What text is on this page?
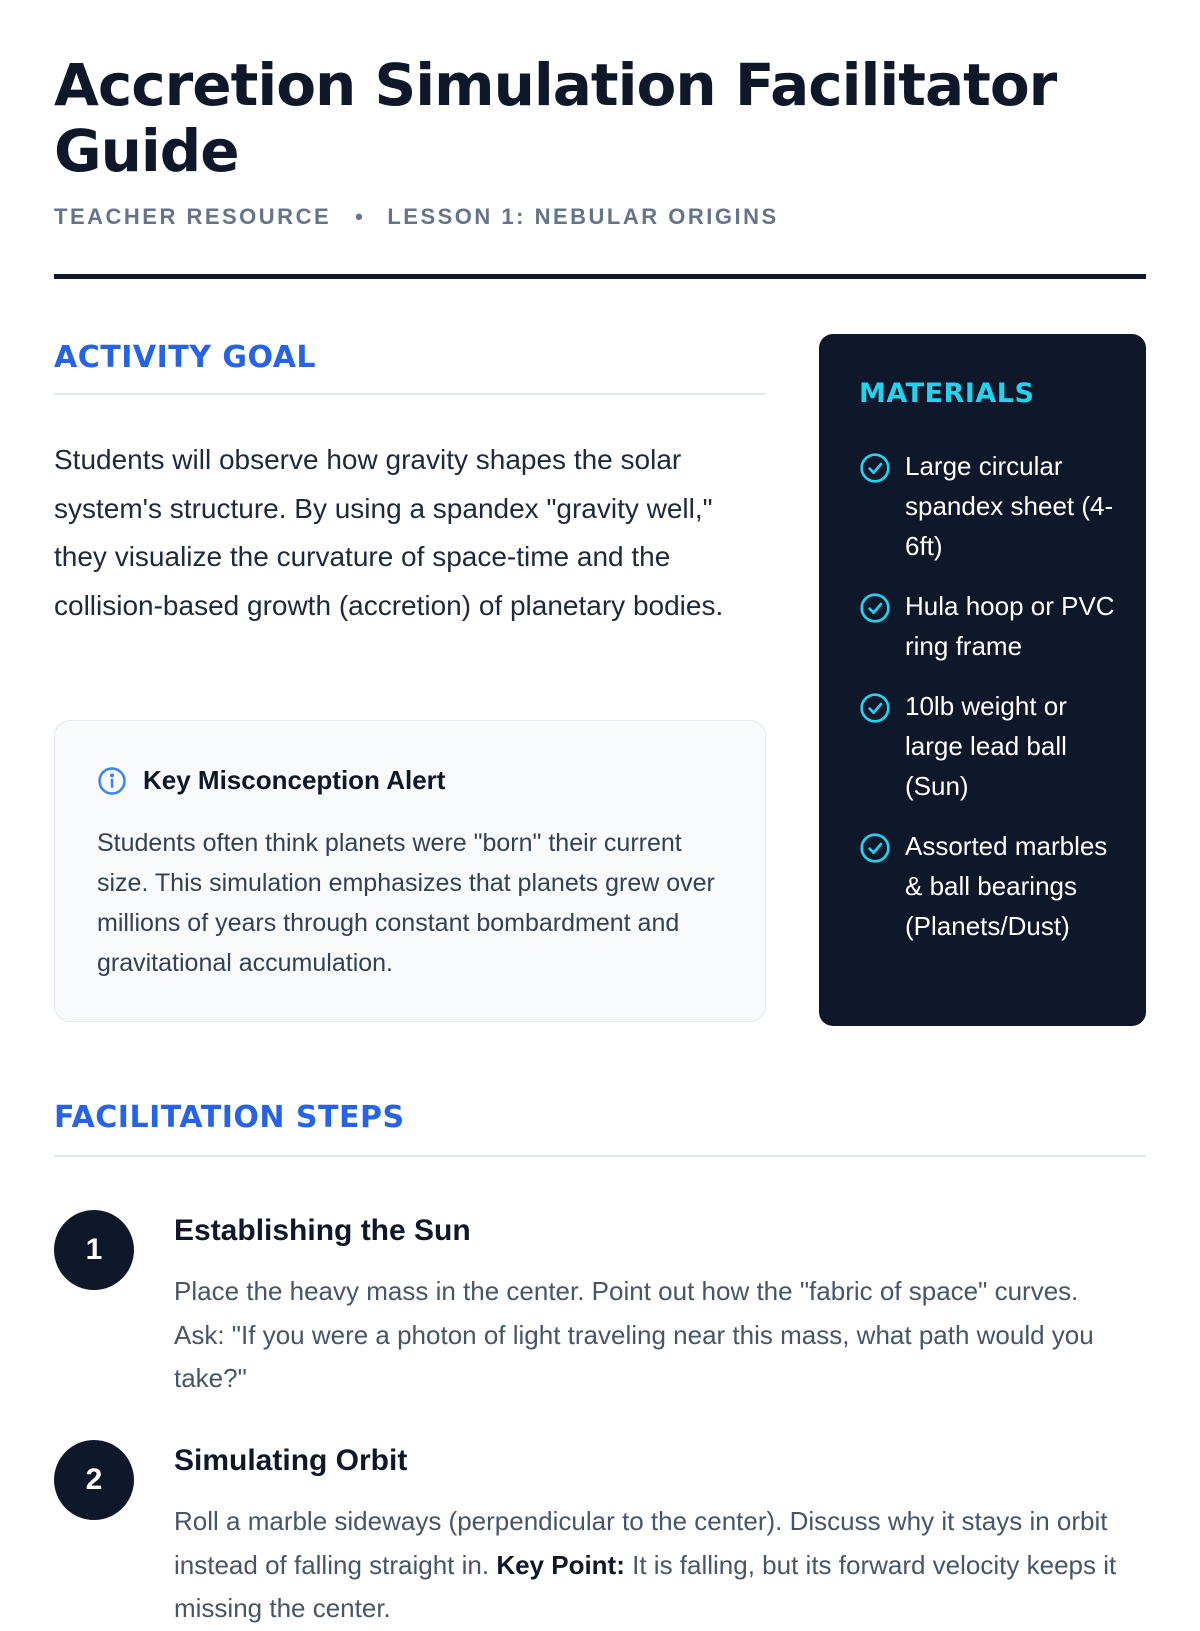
Accretion Simulation Facilitator Guide
TEACHER RESOURCE • LESSON 1: NEBULAR ORIGINS
ACTIVITY GOAL

Students will observe how gravity shapes the solar system's structure. By using a spandex "gravity well," they visualize the curvature of space-time and the collision-based growth (accretion) of planetary bodies.

Key Misconception Alert

Students often think planets were "born" their current size. This simulation emphasizes that planets grew over millions of years through constant bombardment and gravitational accumulation.

MATERIALS
Large circular spandex sheet (4-6ft)
Hula hoop or PVC ring frame
10lb weight or large lead ball (Sun)
Assorted marbles & ball bearings (Planets/Dust)
FACILITATION STEPS
1
Establishing the Sun

Place the heavy mass in the center. Point out how the "fabric of space" curves. Ask: "If you were a photon of light traveling near this mass, what path would you take?"

2
Simulating Orbit

Roll a marble sideways (perpendicular to the center). Discuss why it stays in orbit instead of falling straight in. Key Point: It is falling, but its forward velocity keeps it missing the center.
